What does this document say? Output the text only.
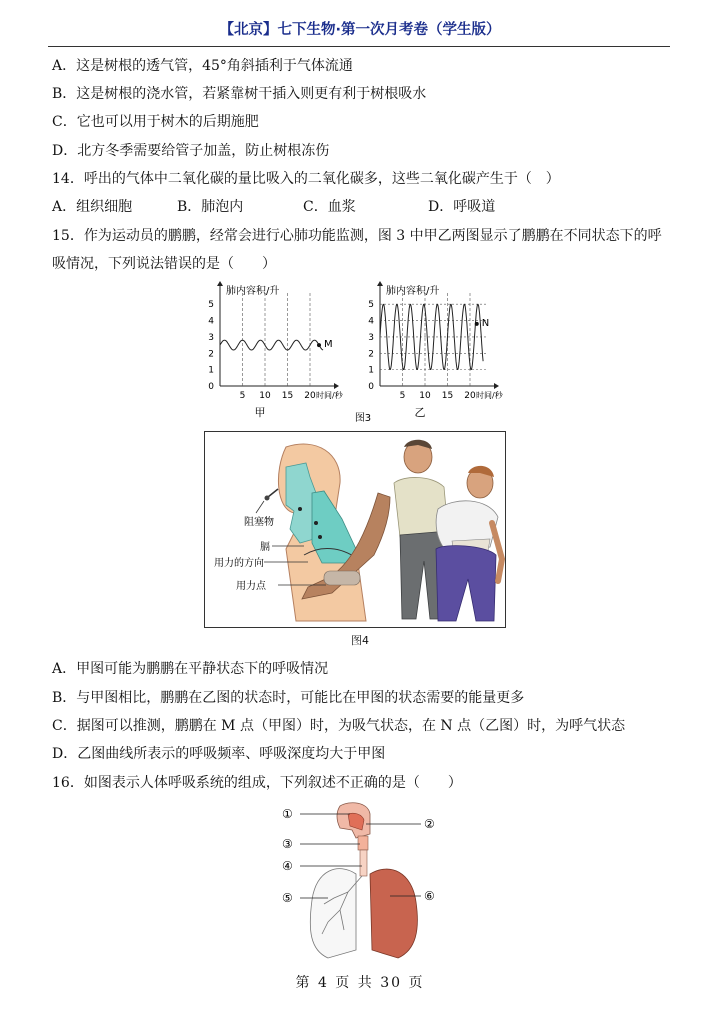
【北京】七下生物·第一次月考卷（学生版）
A．这是树根的透气管，45°角斜插利于气体流通
B．这是树根的浇水管，若紧靠树干插入则更有利于树根吸水
C．它也可以用于树木的后期施肥
D．北方冬季需要给管子加盖，防止树根冻伤
14．呼出的气体中二氧化碳的量比吸入的二氧化碳多，这些二氧化碳产生于（　）
A．组织细胞	B．肺泡内	C．血浆	D．呼吸道
15．作为运动员的鹏鹏，经常会进行心肺功能监测，图 3 中甲乙两图显示了鹏鹏在不同状态下的呼
吸情况，下列说法错误的是（　　）
0
1
2
3
4
5
5 10 15 20
肺内容积/升
时间/秒
M
甲
0
1
2
3
4
5
5 10 15 20
肺内容积/升
时间/秒
N
乙
图3
阻塞物
膈
用力的方向
用力点
图4
A．甲图可能为鹏鹏在平静状态下的呼吸情况
B．与甲图相比，鹏鹏在乙图的状态时，可能比在甲图的状态需要的能量更多
C．据图可以推测，鹏鹏在 M 点（甲图）时，为吸气状态，在 N 点（乙图）时，为呼气状态
D．乙图曲线所表示的呼吸频率、呼吸深度均大于甲图
16．如图表示人体呼吸系统的组成，下列叙述不正确的是（　　）
①
②
③
④
⑤	⑥
第 4 页 共 30 页
